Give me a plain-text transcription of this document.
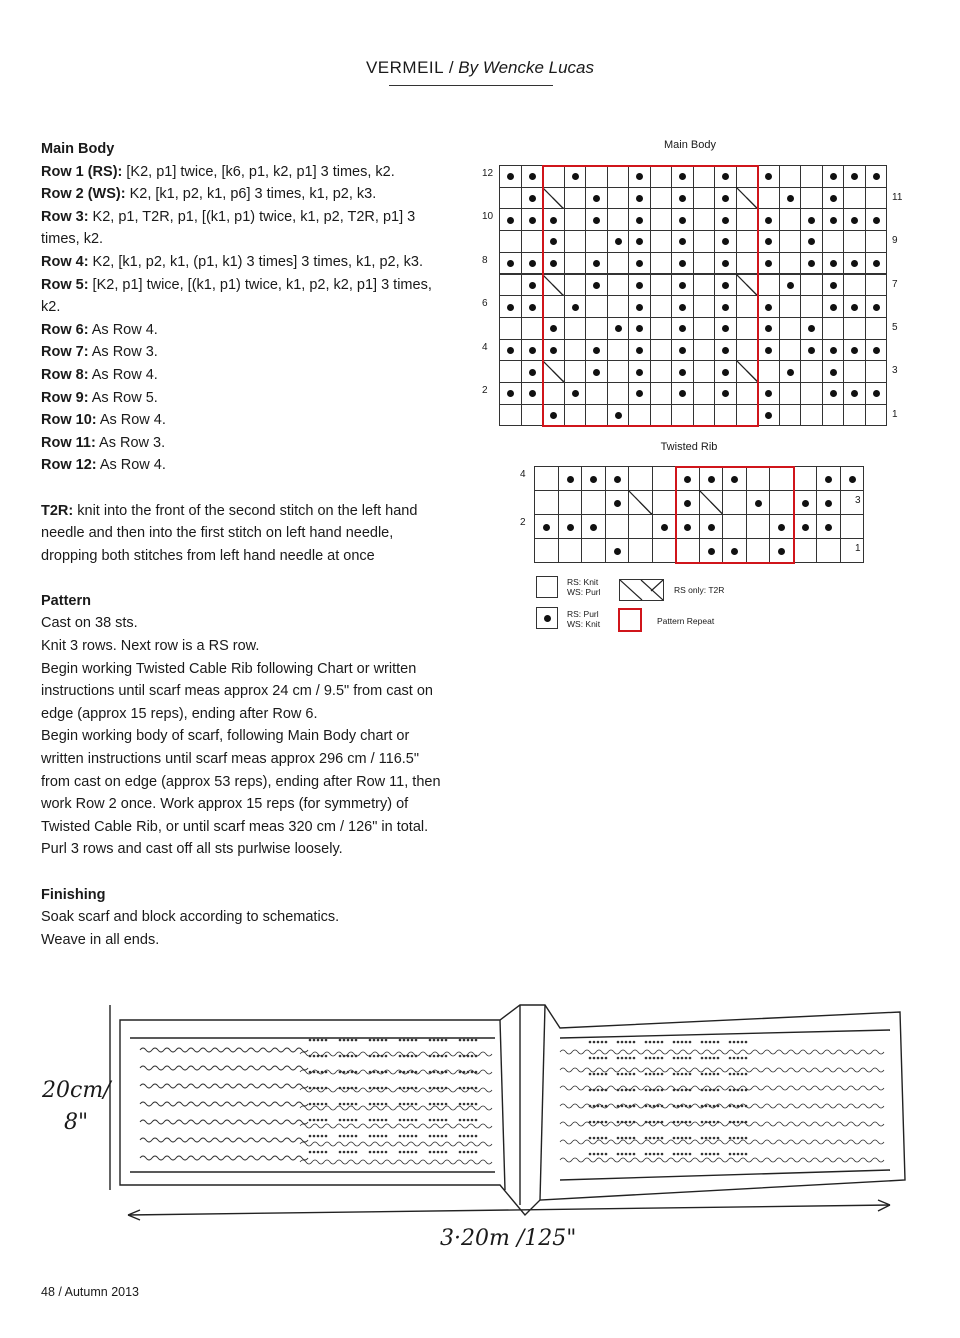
VERMEIL / By Wencke Lucas

Main Body

Row 1 (RS): [K2, p1] twice, [k6, p1, k2, p1] 3 times, k2.

Row 2 (WS): K2, [k1, p2, k1, p6] 3 times, k1, p2, k3.

Row 3: K2, p1, T2R, p1, [(k1, p1) twice, k1, p2, T2R, p1] 3 times, k2.

Row 4: K2, [k1, p2, k1, (p1, k1) 3 times] 3 times, k1, p2, k3.

Row 5: [K2, p1] twice, [(k1, p1) twice, k1, p2, k2, p1] 3 times, k2.

Row 6: As Row 4.

Row 7: As Row 3.

Row 8: As Row 4.

Row 9: As Row 5.

Row 10: As Row 4.

Row 11: As Row 3.

Row 12: As Row 4.

T2R: knit into the front of the second stitch on the left hand needle and then into the first stitch on left hand needle, dropping both stitches from left hand needle at once

Pattern

Cast on 38 sts.

Knit 3 rows. Next row is a RS row.

Begin working Twisted Cable Rib following Chart or written instructions until scarf meas approx 24 cm / 9.5" from cast on edge (approx 15 reps), ending after Row 6.

Begin working body of scarf, following Main Body chart or written instructions until scarf meas approx 296 cm / 116.5" from cast on edge (approx 53 reps), ending after Row 11, then work Row 2 once. Work approx 15 reps (for symmetry) of Twisted Cable Rib, or until scarf meas 320 cm / 126" in total.

Purl 3 rows and cast off all sts purlwise loosely.

Finishing

Soak scarf and block according to schematics.

Weave in all ends.

Main Body
12
10
8
6
4
2
11
9
7
5
3
1
Twisted Rib
4
2
3
1
RS: Knit
WS: Purl
RS: Purl
WS: Knit
RS only: T2R
Pattern Repeat
20cm/
8"
3·20m /125"
48 / Autumn 2013
